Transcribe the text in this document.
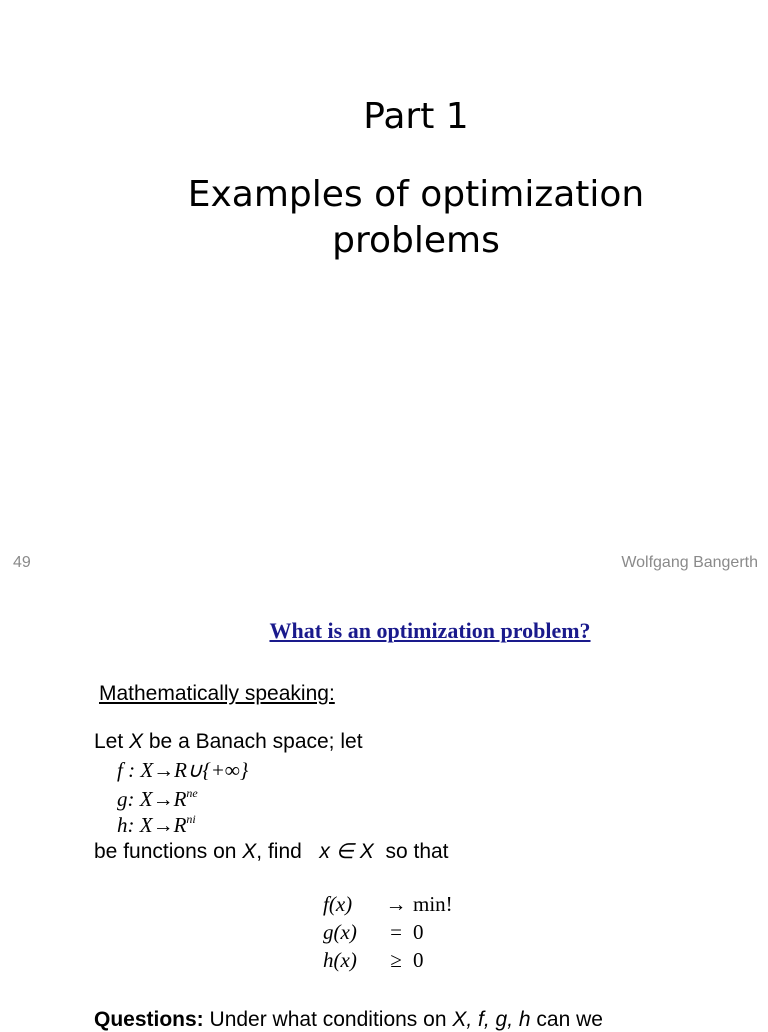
Part 1
Examples of optimization problems
49	Wolfgang Bangerth
What is an optimization problem?
Mathematically speaking:
Let X be a Banach space; let
f : X→R∪{+∞}
g: $X\to R^{ne}$
h: $X\to R^{ni}$
be functions on X, find   x ∈ X  so that
f(x) → min!
g(x) = 0
h(x) ≥ 0
Questions: Under what conditions on X, f, g, h can we
